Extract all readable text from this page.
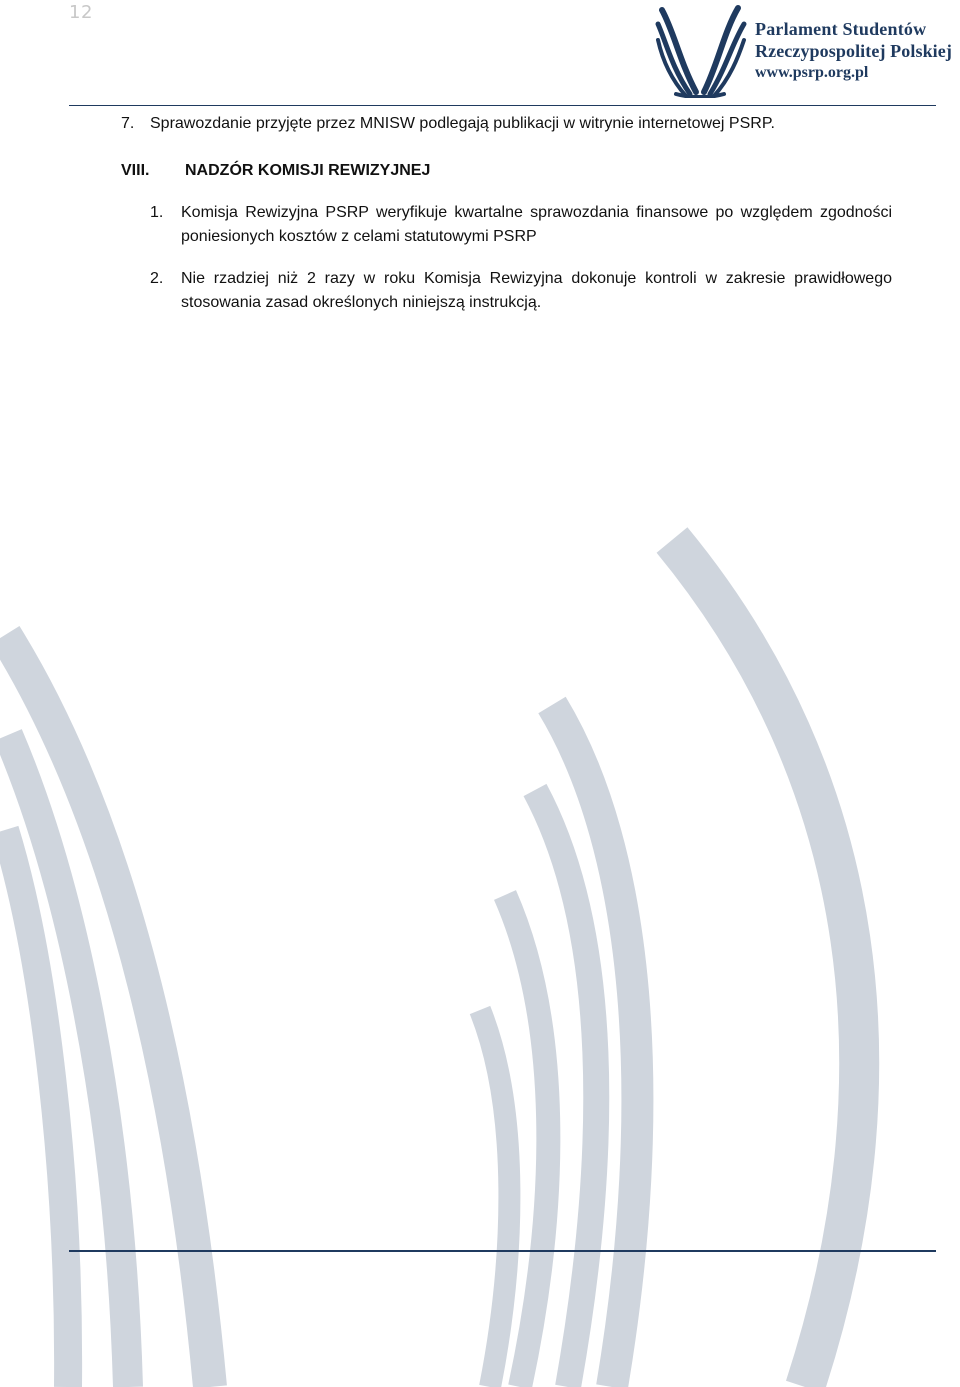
12
Parlament Studentów
Rzeczypospolitej Polskiej
www.psrp.org.pl
7. Sprawozdanie przyjęte przez MNISW podlegają publikacji w witrynie internetowej PSRP.
VIII. NADZÓR KOMISJI REWIZYJNEJ
1. Komisja Rewizyjna PSRP weryfikuje kwartalne sprawozdania finansowe po względem zgodności poniesionych kosztów z celami statutowymi PSRP
2. Nie rzadziej niż 2 razy w roku Komisja Rewizyjna dokonuje kontroli w zakresie prawidłowego stosowania zasad określonych niniejszą instrukcją.
